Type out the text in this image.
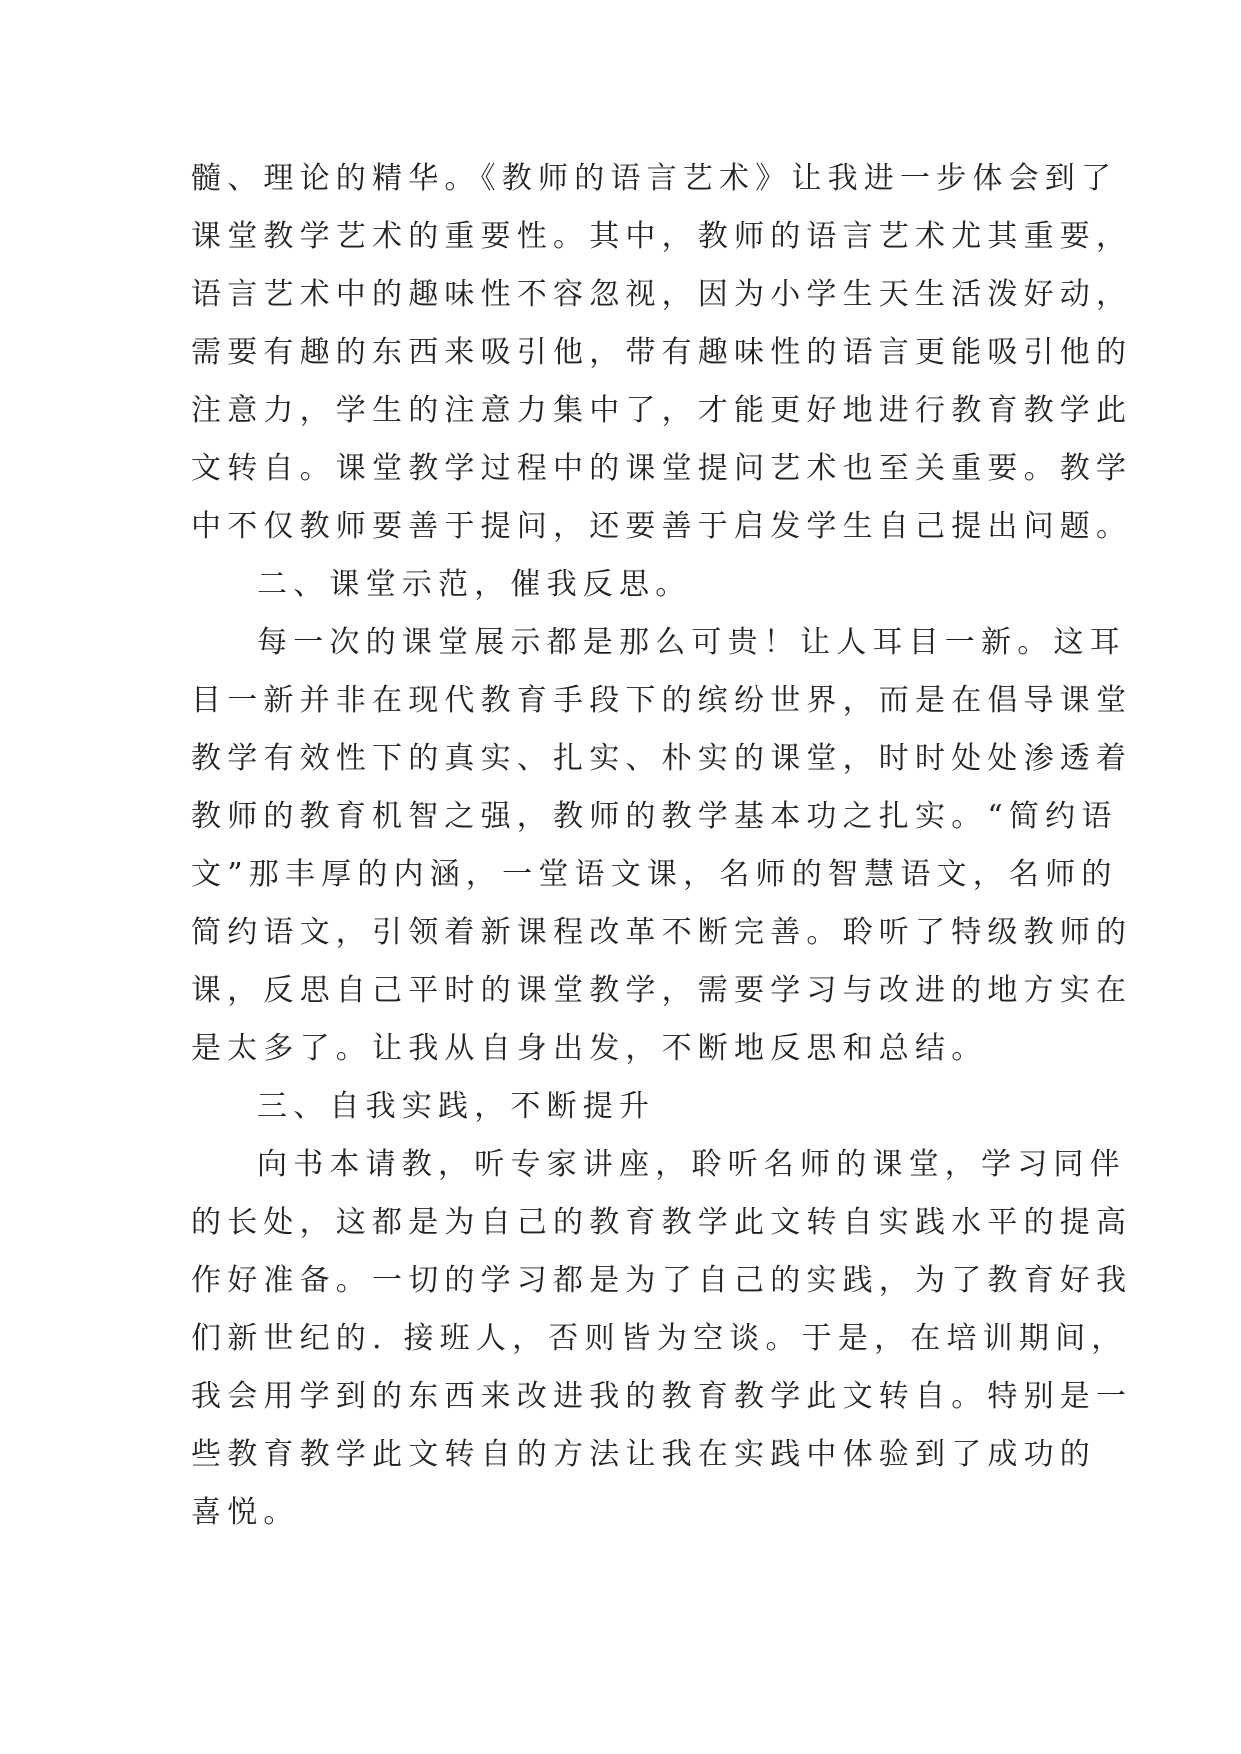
髓、理论的精华。《教师的语言艺术》让我进一步体会到了
课堂教学艺术的重要性。其中，教师的语言艺术尤其重要，
语言艺术中的趣味性不容忽视，因为小学生天生活泼好动，
需要有趣的东西来吸引他，带有趣味性的语言更能吸引他的
注意力，学生的注意力集中了，才能更好地进行教育教学此
文转自。课堂教学过程中的课堂提问艺术也至关重要。教学
中不仅教师要善于提问，还要善于启发学生自己提出问题。
二、课堂示范，催我反思。
每一次的课堂展示都是那么可贵！让人耳目一新。这耳
目一新并非在现代教育手段下的缤纷世界，而是在倡导课堂
教学有效性下的真实、扎实、朴实的课堂，时时处处渗透着
教师的教育机智之强，教师的教学基本功之扎实。“简约语
文”那丰厚的内涵，一堂语文课，名师的智慧语文，名师的
简约语文，引领着新课程改革不断完善。聆听了特级教师的
课，反思自己平时的课堂教学，需要学习与改进的地方实在
是太多了。让我从自身出发，不断地反思和总结。
三、自我实践，不断提升
向书本请教，听专家讲座，聆听名师的课堂，学习同伴
的长处，这都是为自己的教育教学此文转自实践水平的提高
作好准备。一切的学习都是为了自己的实践，为了教育好我
们新世纪的. 接班人，否则皆为空谈。于是，在培训期间，
我会用学到的东西来改进我的教育教学此文转自。特别是一
些教育教学此文转自的方法让我在实践中体验到了成功的
喜悦。
